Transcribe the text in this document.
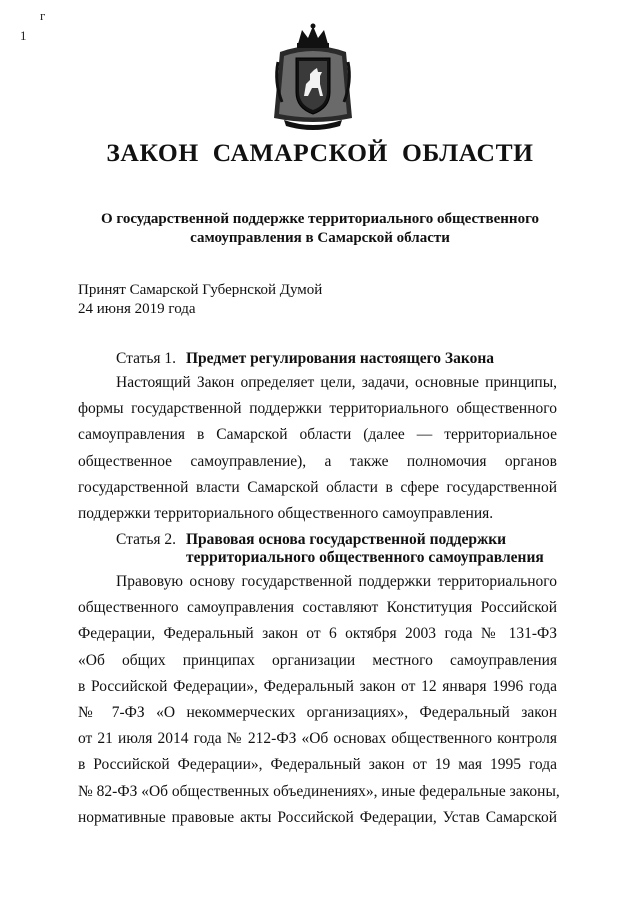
1
г
ЗАКОН  САМАРСКОЙ  ОБЛАСТИ
О государственной поддержке территориального общественного
самоуправления в Самарской области
Принят Самарской Губернской Думой
24 июня 2019 года
Статья 1. Предмет регулирования настоящего Закона
Настоящий Закон определяет цели, задачи, основные принципы,
формы государственной поддержки территориального общественного
самоуправления в Самарской области (далее — территориальное
общественное самоуправление), а также полномочия органов
государственной власти Самарской области в сфере государственной
поддержки территориального общественного самоуправления.
Статья 2. Правовая основа государственной поддержки
территориального общественного самоуправления
Правовую основу государственной поддержки территориального
общественного самоуправления составляют Конституция Российской
Федерации, Федеральный закон от 6 октября 2003 года № 131-ФЗ
«Об общих принципах организации местного самоуправления
в Российской Федерации», Федеральный закон от 12 января 1996 года
№ 7-ФЗ «О некоммерческих организациях», Федеральный закон
от 21 июля 2014 года № 212-ФЗ «Об основах общественного контроля
в Российской Федерации», Федеральный закон от 19 мая 1995 года
№ 82-ФЗ «Об общественных объединениях», иные федеральные законы,
нормативные правовые акты Российской Федерации, Устав Самарской
